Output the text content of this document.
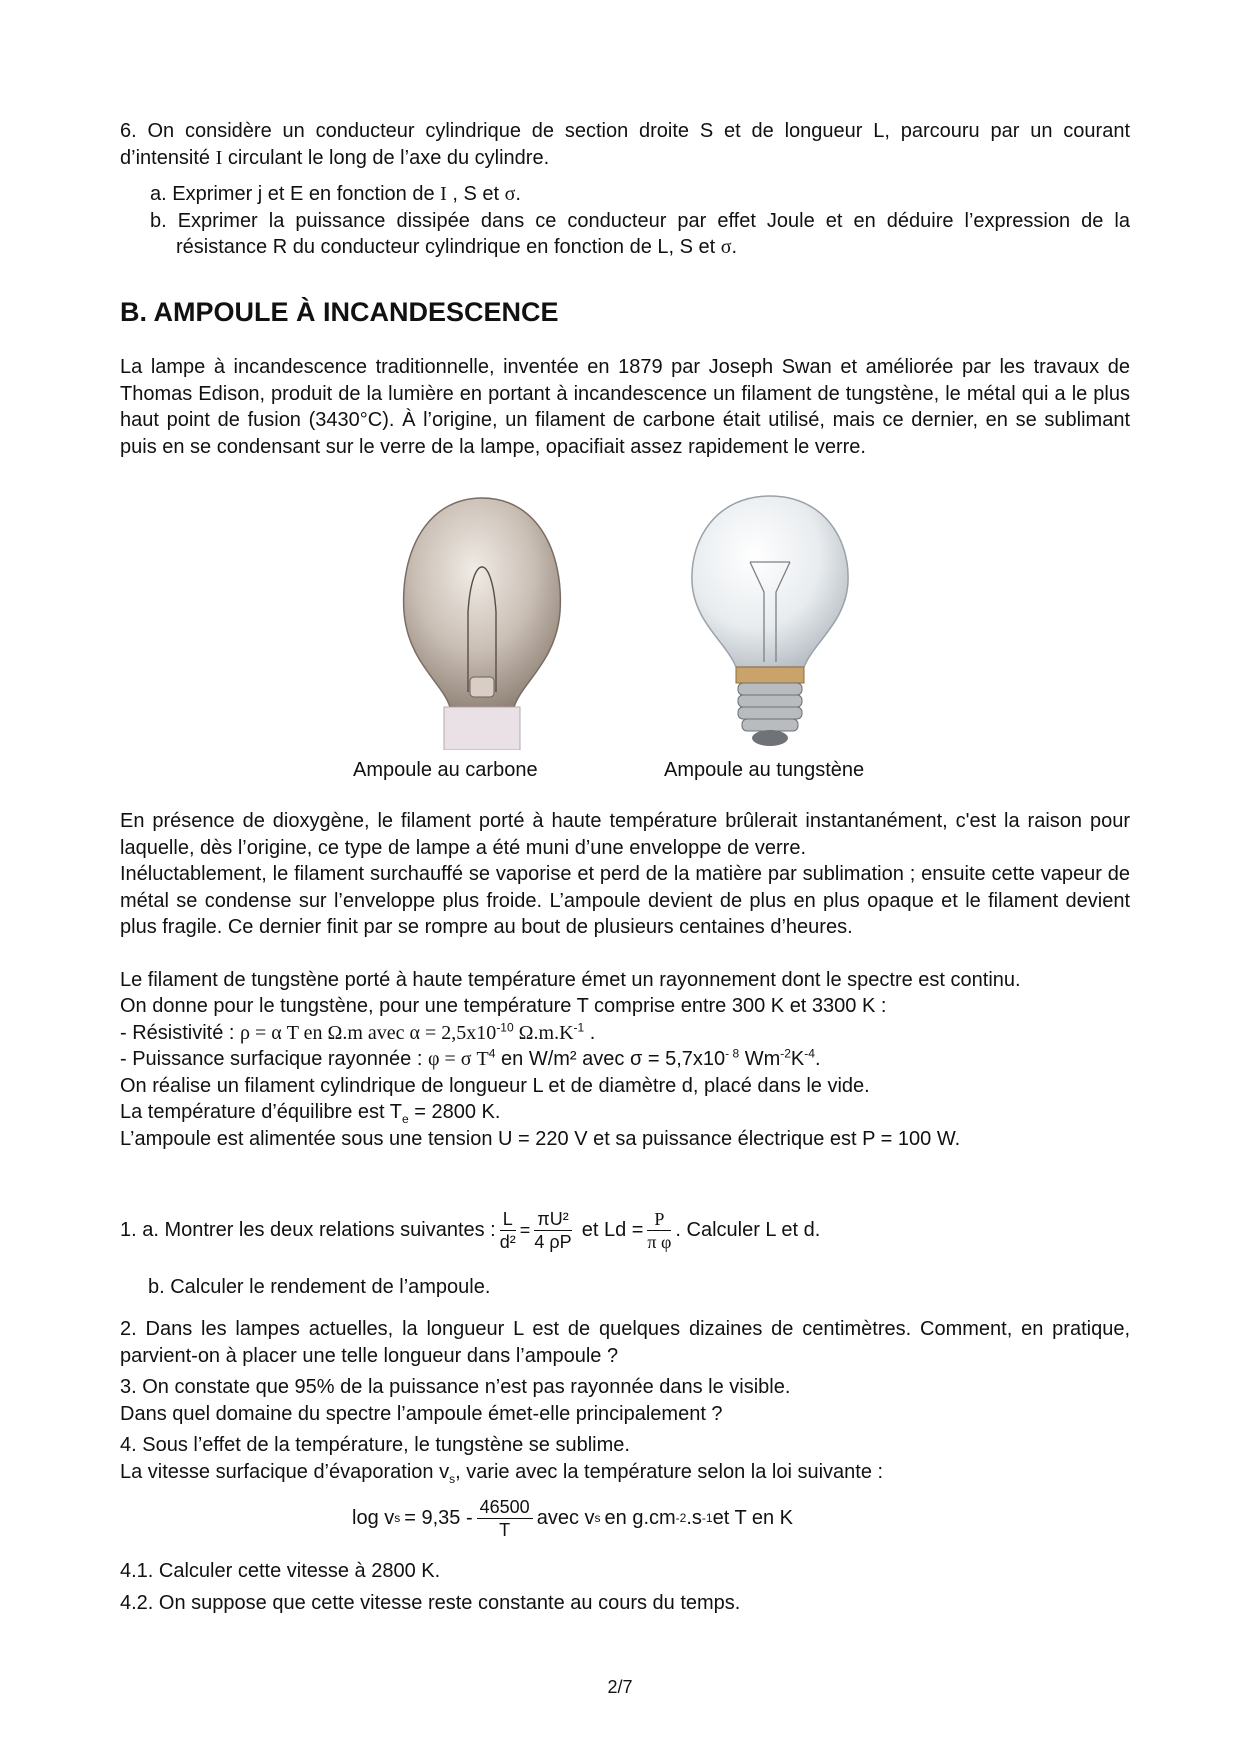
6. On considère un conducteur cylindrique de section droite S et de longueur L, parcouru par un courant d’intensité I circulant le long de l’axe du cylindre.

a. Exprimer j et E en fonction de I , S et σ.

b. Exprimer la puissance dissipée dans ce conducteur par effet Joule et en déduire l’expression de la résistance R du conducteur cylindrique en fonction de L, S et σ.

B. AMPOULE À INCANDESCENCE

La lampe à incandescence traditionnelle, inventée en 1879 par Joseph Swan et améliorée par les travaux de Thomas Edison, produit de la lumière en portant à incandescence un filament de tungstène, le métal qui a le plus haut point de fusion (3430°C). À l’origine, un filament de carbone était utilisé, mais ce dernier, en se sublimant puis en se condensant sur le verre de la lampe, opacifiait assez rapidement le verre.

Ampoule au carbone	Ampoule au tungstène

En présence de dioxygène, le filament porté à haute température brûlerait instantanément, c'est la raison pour laquelle, dès l’origine, ce type de lampe a été muni d’une enveloppe de verre.

Inéluctablement, le filament surchauffé se vaporise et perd de la matière par sublimation ; ensuite cette vapeur de métal se condense sur l’enveloppe plus froide. L’ampoule devient de plus en plus opaque et le filament devient plus fragile. Ce dernier finit par se rompre au bout de plusieurs centaines d’heures.

Le filament de tungstène porté à haute température émet un rayonnement dont le spectre est continu.

On donne pour le tungstène, pour une température T comprise entre 300 K et 3300 K :

- Résistivité : ρ = α T en Ω.m avec $\alpha = 2,5x10^{-10}$ $\Omega.m.K^{-1}$ .

- Puissance surfacique rayonnée : φ = σ $T^4$ en W/m² avec $\sigma = 5,7x10^{- 8}$ $Wm^{-2}K^{-4}$.

On réalise un filament cylindrique de longueur L et de diamètre d, placé dans le vide.

La température d’équilibre est $T_e = 2800$ K.

L’ampoule est alimentée sous une tension U = 220 V et sa puissance électrique est P = 100 W.

1. a. Montrer les deux relations suivantes : $\frac{L}{\text{d²}} = \frac{\text{πU²}}{4 \rho P}$ et $Ld = \frac{P}{\text{π φ}}$ . Calculer L et d.

b. Calculer le rendement de l’ampoule.

2. Dans les lampes actuelles, la longueur L est de quelques dizaines de centimètres. Comment, en pratique, parvient-on à placer une telle longueur dans l’ampoule ?

3. On constate que 95% de la puissance n’est pas rayonnée dans le visible.

Dans quel domaine du spectre l’ampoule émet-elle principalement ?

4. Sous l’effet de la température, le tungstène se sublime.

La vitesse surfacique d’évaporation $v_s$, varie avec la température selon la loi suivante :

log v $s = 9,35 - \frac{46500}{T}$ avec v s en g.cm -2 .s -1 et T en K

4.1. Calculer cette vitesse à 2800 K.

4.2. On suppose que cette vitesse reste constante au cours du temps.

2/7
